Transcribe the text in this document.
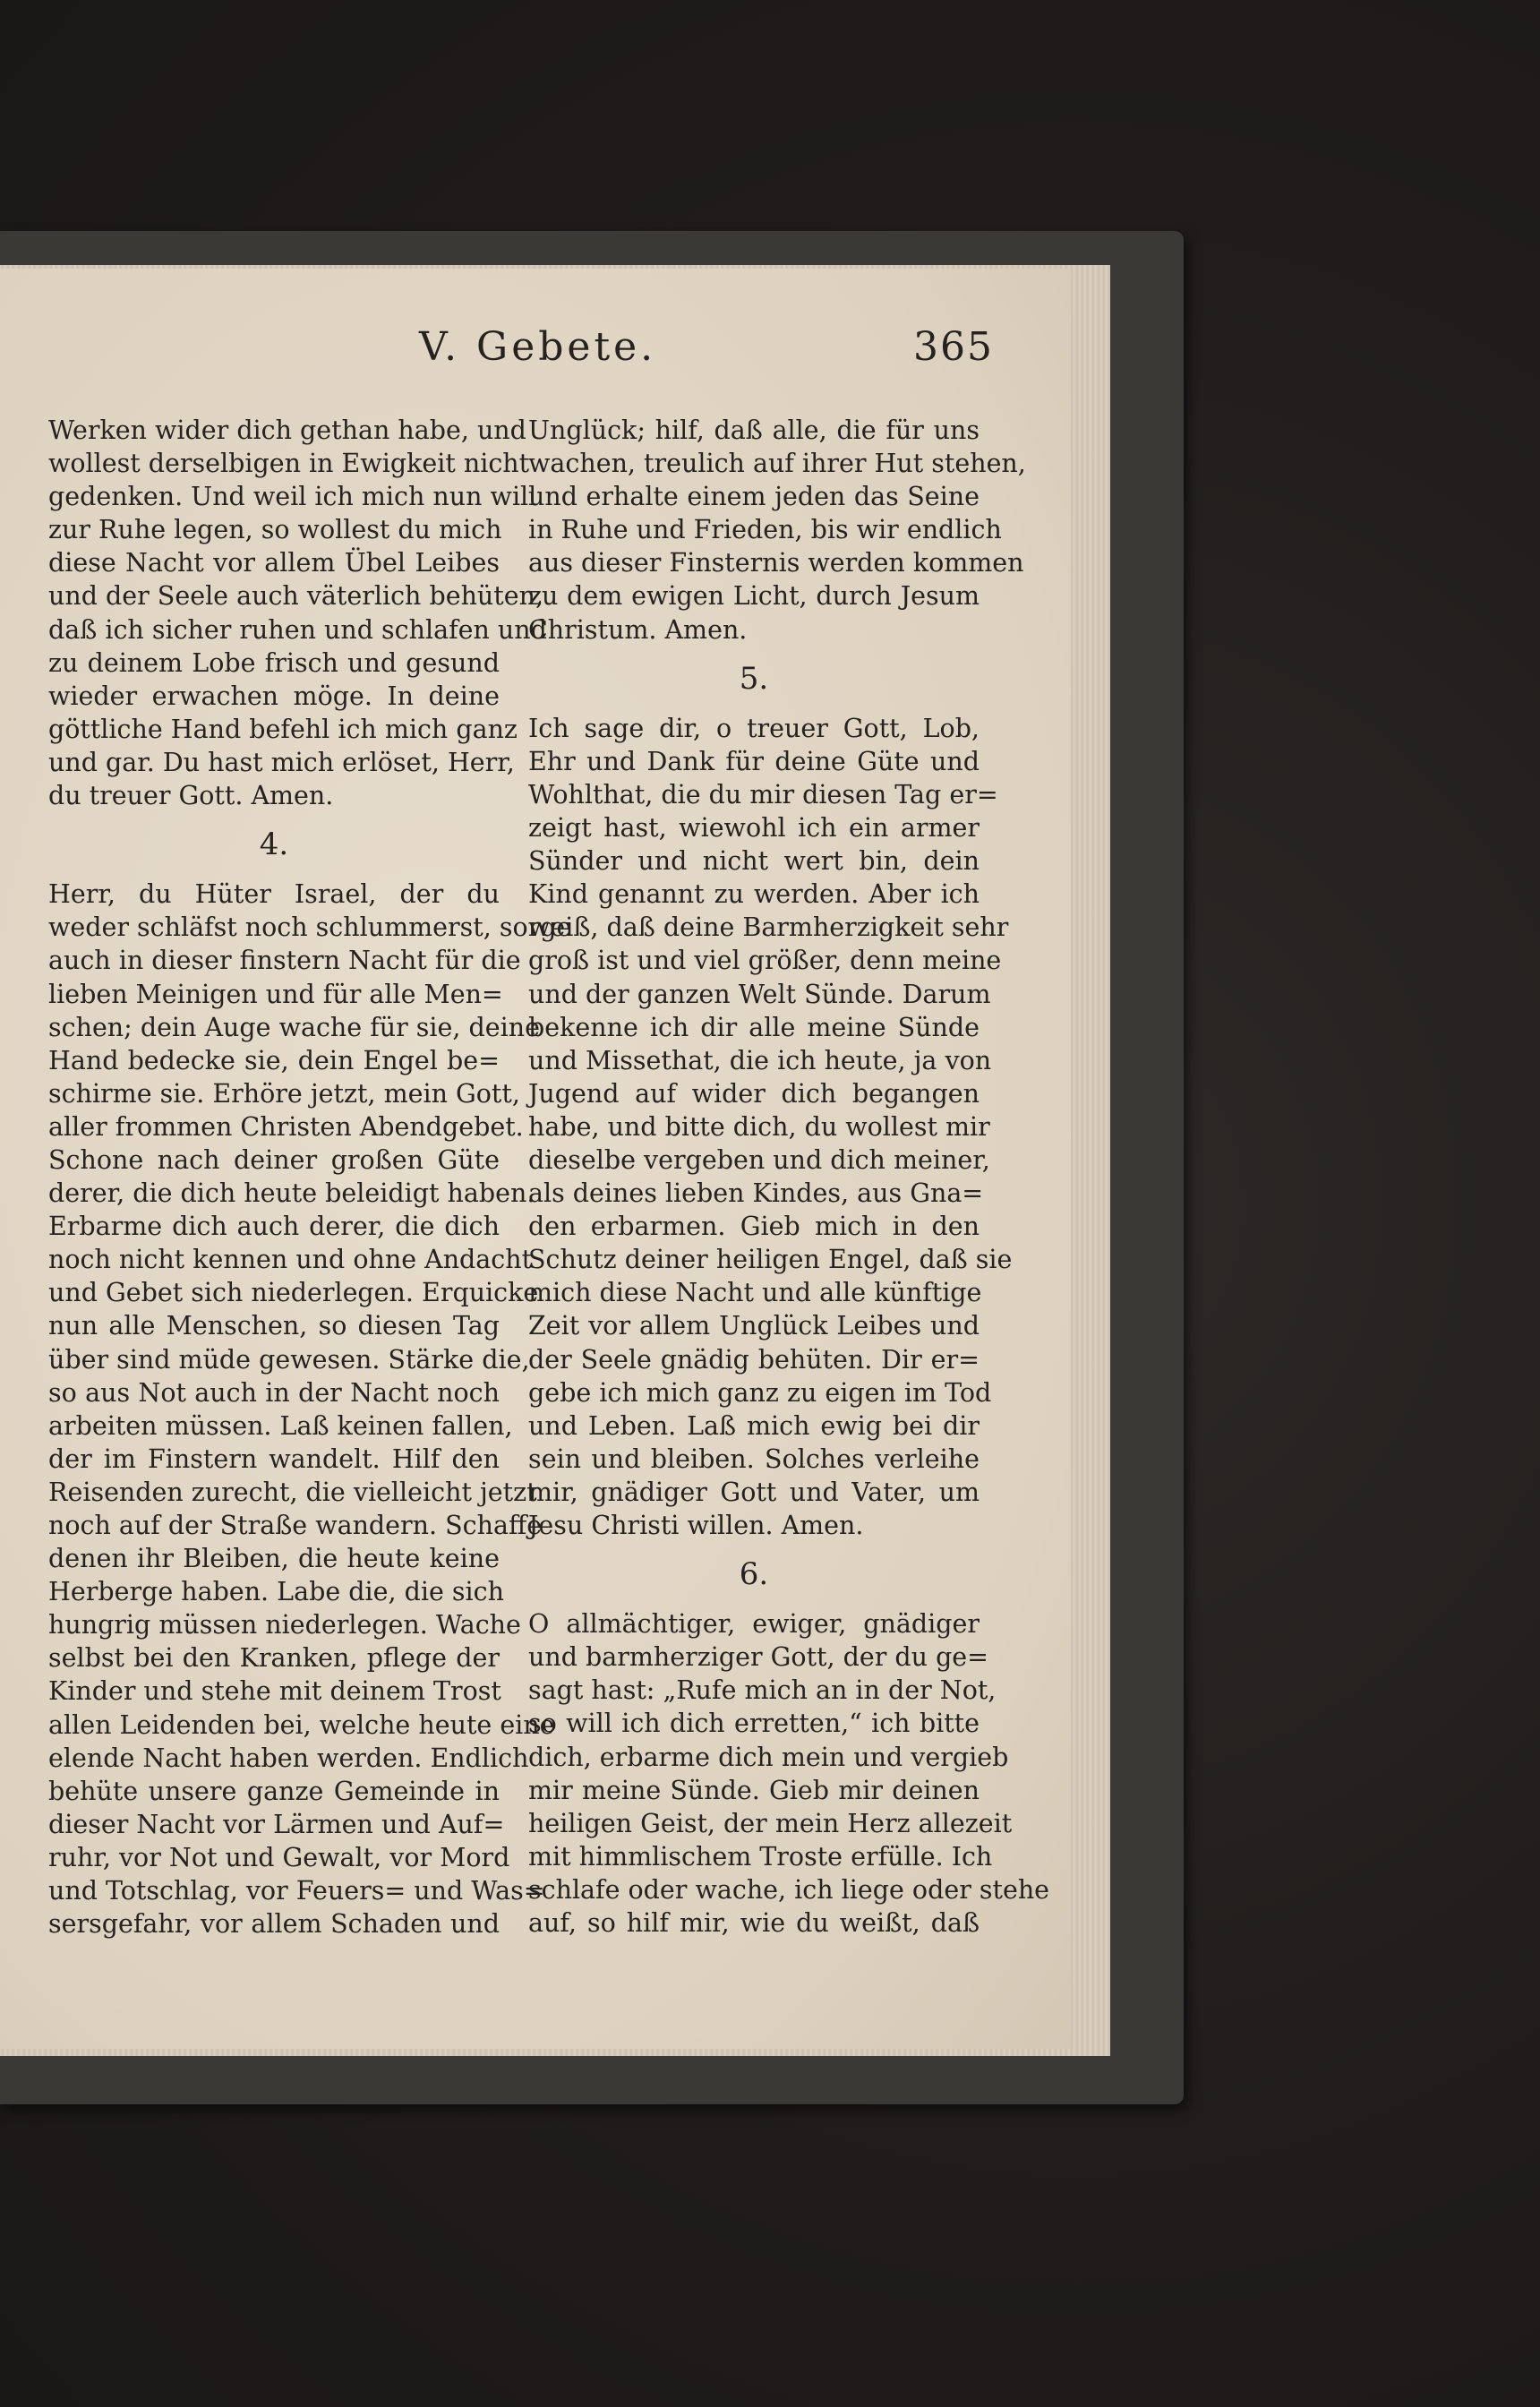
V. Gebete.	365
Werken wider dich gethan habe, und
wollest derselbigen in Ewigkeit nicht
gedenken. Und weil ich mich nun will
zur Ruhe legen, so wollest du mich
diese Nacht vor allem Übel Leibes
und der Seele auch väterlich behüten,
daß ich sicher ruhen und schlafen und
zu deinem Lobe frisch und gesund
wieder erwachen möge. In deine
göttliche Hand befehl ich mich ganz
und gar. Du hast mich erlöset, Herr,
du treuer Gott. Amen.
4.
Herr, du Hüter Israel, der du
weder schläfst noch schlummerst, sorge
auch in dieser finstern Nacht für die
lieben Meinigen und für alle Men=
schen; dein Auge wache für sie, deine
Hand bedecke sie, dein Engel be=
schirme sie. Erhöre jetzt, mein Gott,
aller frommen Christen Abendgebet.
Schone nach deiner großen Güte
derer, die dich heute beleidigt haben.
Erbarme dich auch derer, die dich
noch nicht kennen und ohne Andacht
und Gebet sich niederlegen. Erquicke
nun alle Menschen, so diesen Tag
über sind müde gewesen. Stärke die,
so aus Not auch in der Nacht noch
arbeiten müssen. Laß keinen fallen,
der im Finstern wandelt. Hilf den
Reisenden zurecht, die vielleicht jetzt
noch auf der Straße wandern. Schaffe
denen ihr Bleiben, die heute keine
Herberge haben. Labe die, die sich
hungrig müssen niederlegen. Wache
selbst bei den Kranken, pflege der
Kinder und stehe mit deinem Trost
allen Leidenden bei, welche heute eine
elende Nacht haben werden. Endlich
behüte unsere ganze Gemeinde in
dieser Nacht vor Lärmen und Auf=
ruhr, vor Not und Gewalt, vor Mord
und Totschlag, vor Feuers= und Was=
sersgefahr, vor allem Schaden und
Unglück; hilf, daß alle, die für uns
wachen, treulich auf ihrer Hut stehen,
und erhalte einem jeden das Seine
in Ruhe und Frieden, bis wir endlich
aus dieser Finsternis werden kommen
zu dem ewigen Licht, durch Jesum
Christum. Amen.
5.
Ich sage dir, o treuer Gott, Lob,
Ehr und Dank für deine Güte und
Wohlthat, die du mir diesen Tag er=
zeigt hast, wiewohl ich ein armer
Sünder und nicht wert bin, dein
Kind genannt zu werden. Aber ich
weiß, daß deine Barmherzigkeit sehr
groß ist und viel größer, denn meine
und der ganzen Welt Sünde. Darum
bekenne ich dir alle meine Sünde
und Missethat, die ich heute, ja von
Jugend auf wider dich begangen
habe, und bitte dich, du wollest mir
dieselbe vergeben und dich meiner,
als deines lieben Kindes, aus Gna=
den erbarmen. Gieb mich in den
Schutz deiner heiligen Engel, daß sie
mich diese Nacht und alle künftige
Zeit vor allem Unglück Leibes und
der Seele gnädig behüten. Dir er=
gebe ich mich ganz zu eigen im Tod
und Leben. Laß mich ewig bei dir
sein und bleiben. Solches verleihe
mir, gnädiger Gott und Vater, um
Jesu Christi willen. Amen.
6.
O allmächtiger, ewiger, gnädiger
und barmherziger Gott, der du ge=
sagt hast: „Rufe mich an in der Not,
so will ich dich erretten,“ ich bitte
dich, erbarme dich mein und vergieb
mir meine Sünde. Gieb mir deinen
heiligen Geist, der mein Herz allezeit
mit himmlischem Troste erfülle. Ich
schlafe oder wache, ich liege oder stehe
auf, so hilf mir, wie du weißt, daß
